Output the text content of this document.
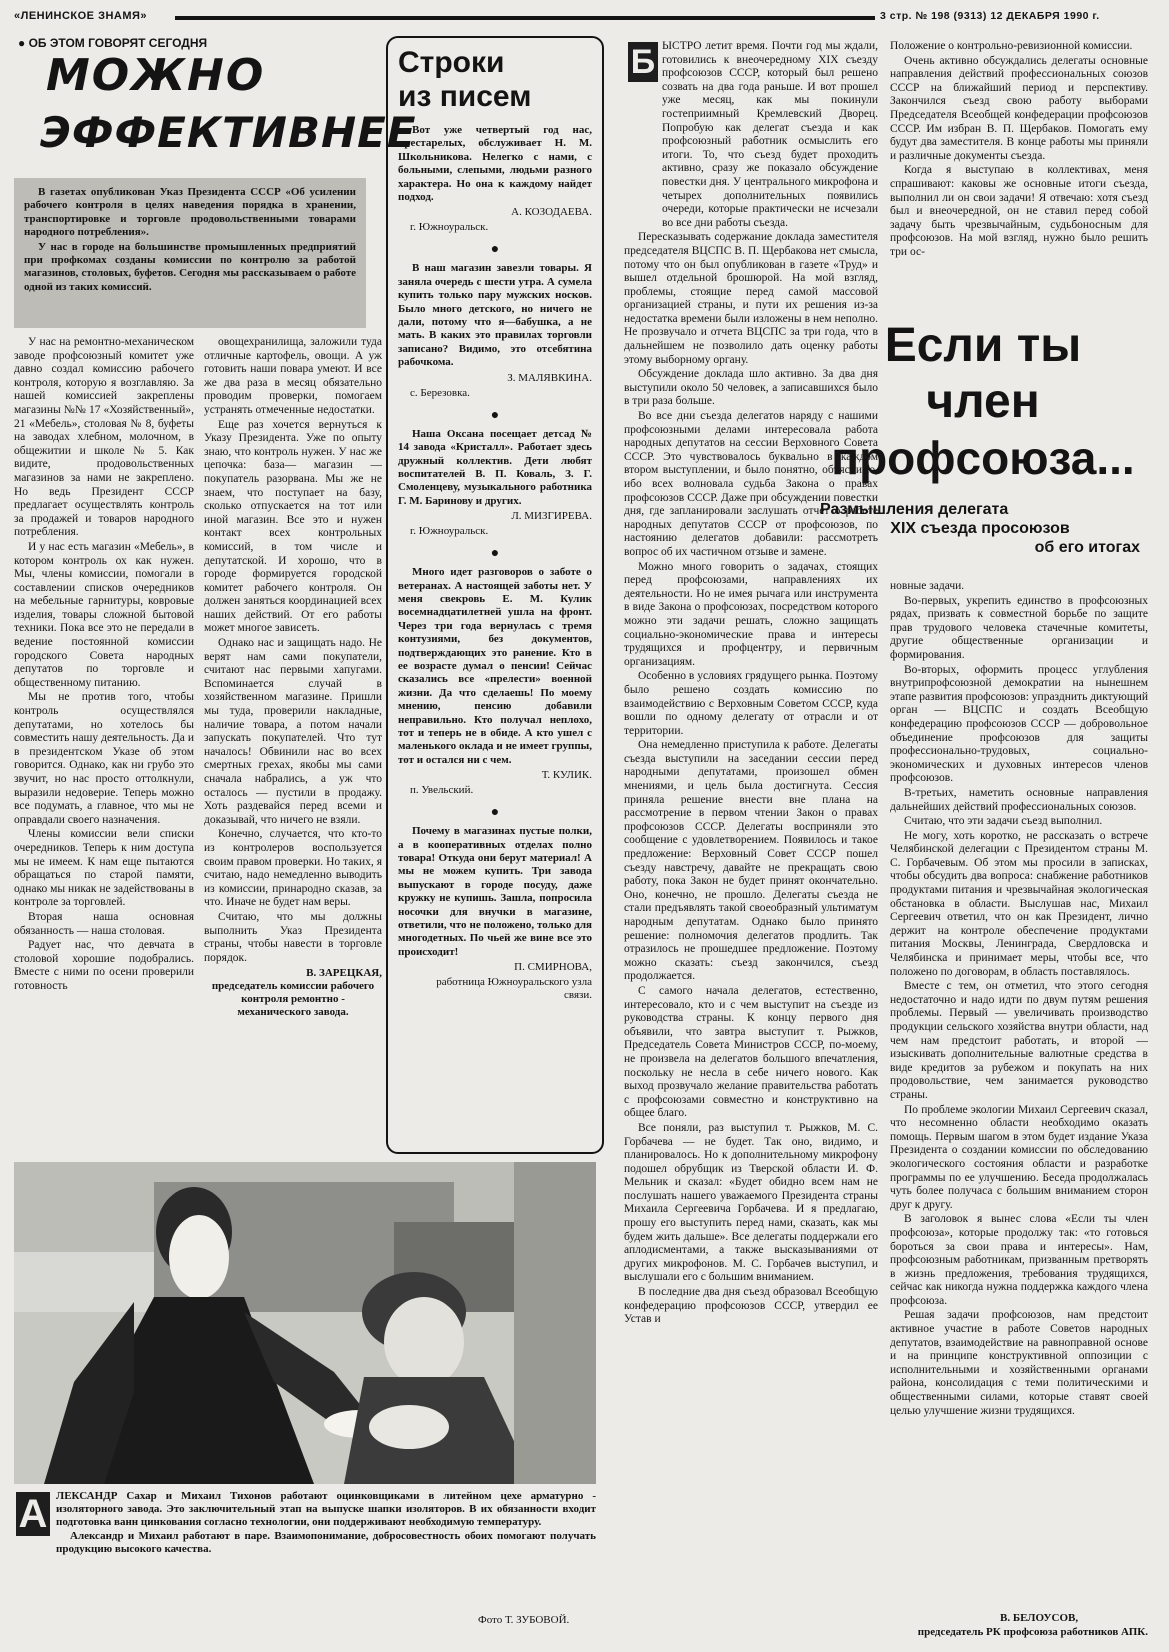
«ЛЕНИНСКОЕ ЗНАМЯ»	3 стр. № 198 (9313) 12 ДЕКАБРЯ 1990 г.
● ОБ ЭТОМ ГОВОРЯТ СЕГОДНЯ
МОЖНО
ЭФФЕКТИВНЕЕ

В газетах опубликован Указ Президента СССР «Об усилении рабочего контроля в целях наведения порядка в хранении, транспортировке и торговле продовольственными товарами народного потребления».

У нас в городе на большинстве промышленных предприятий при профкомах созданы комиссии по контролю за работой магазинов, столовых, буфетов. Сегодня мы рассказываем о работе одной из таких комиссий.

У нас на ремонтно-механическом заводе профсоюзный комитет уже давно создал комиссию рабочего контроля, которую я возглавляю. За нашей комиссией закреплены магазины №№ 17 «Хозяйственный», 21 «Мебель», столовая № 8, буфеты на заводах хлебном, молочном, в общежитии и школе № 5. Как видите, продовольственных магазинов за нами не закреплено. Но ведь Президент СССР предлагает осуществлять контроль за продажей и товаров народного потребления.

И у нас есть магазин «Мебель», в котором контроль ох как нужен. Мы, члены комиссии, помогали в составлении списков очередников на мебельные гарнитуры, ковровые изделия, товары сложной бытовой техники. Пока все это не передали в ведение постоянной комиссии городского Совета народных депутатов по торговле и общественному питанию.

Мы не против того, чтобы контроль осуществлялся депутатами, но хотелось бы совместить нашу деятельность. Да и в президентском Указе об этом говорится. Однако, как ни грубо это звучит, но нас просто оттолкнули, выразили недоверие. Теперь можно все подумать, а главное, что мы не оправдали своего назначения.

Члены комиссии вели списки очередников. Теперь к ним доступа мы не имеем. К нам еще пытаются обращаться по старой памяти, однако мы никак не задействованы в контроле за торговлей.

Вторая наша основная обязанность — наша столовая.

Радует нас, что девчата в столовой хорошие подобрались. Вместе с ними по осени проверили готовность

овощехранилища, заложили туда отличные картофель, овощи. А уж готовить наши повара умеют. И все же два раза в месяц обязательно проводим проверки, помогаем устранять отмеченные недостатки.

Еще раз хочется вернуться к Указу Президента. Уже по опыту знаю, что контроль нужен. У нас же цепочка: база— магазин — покупатель разорвана. Мы же не знаем, что поступает на базу, сколько отпускается на тот или иной магазин. Все это и нужен контакт всех контрольных комиссий, в том числе и депутатской. И хорошо, что в городе формируется городской комитет рабочего контроля. Он должен заняться координацией всех наших действий. От его работы может многое зависеть.

Однако нас и защищать надо. Не верят нам сами покупатели, считают нас первыми хапугами. Вспоминается случай в хозяйственном магазине. Пришли мы туда, проверили накладные, наличие товара, а потом начали запускать покупателей. Что тут началось! Обвинили нас во всех смертных грехах, якобы мы сами сначала набрались, а уж что осталось — пустили в продажу. Хоть раздевайся перед всеми и доказывай, что ничего не взяли.

Конечно, случается, что кто-то из контролеров воспользуется своим правом проверки. Но таких, я считаю, надо немедленно выводить из комиссии, принародно сказав, за что. Иначе не будет нам веры.

Считаю, что мы должны выполнить Указ Президента страны, чтобы навести в торговле порядок.

В. ЗАРЕЦКАЯ,
председатель комиссии рабочего контроля ремонтно - механического завода.
Строки
из писем
Вот уже четвертый год нас, престарелых, обслуживает Н. М. Школьникова. Нелегко с нами, с больными, слепыми, людьми разного характера. Но она к каждому найдет подход.
А. КОЗОДАЕВА.
г. Южноуральск.
●
В наш магазин завезли товары. Я заняла очередь с шести утра. А сумела купить только пару мужских носков. Было много детского, но ничего не дали, потому что я—бабушка, а не мать. В каких это правилах торговли записано? Видимо, это отсебятина рабочкома.
З. МАЛЯВКИНА.
с. Березовка.
●
Наша Оксана посещает детсад № 14 завода «Кристалл». Работает здесь дружный коллектив. Дети любят воспитателей В. П. Коваль, З. Г. Смоленцеву, музыкального работника Г. М. Баринову и других.
Л. МИЗГИРЕВА.
г. Южноуральск.
●
Много идет разговоров о заботе о ветеранах. А настоящей заботы нет. У меня свекровь Е. М. Кулик восемнадцатилетней ушла на фронт. Через три года вернулась с тремя контузиями, без документов, подтверждающих это ранение. Кто в ее возрасте думал о пенсии! Сейчас сказались все «прелести» военной жизни. Да что сделаешь! По моему мнению, пенсию добавили неправильно. Кто получал неплохо, тот и теперь не в обиде. А кто ушел с маленького оклада и не имеет группы, тот и остался ни с чем.
Т. КУЛИК.
п. Увельский.
●
Почему в магазинах пустые полки, а в кооперативных отделах полно товара! Откуда они берут материал! А мы не можем купить. Три завода выпускают в городе посуду, даже кружку не купишь. Зашла, попросила носочки для внучки в магазине, ответили, что не положено, только для многодетных. По чьей же вине все это происходит!
П. СМИРНОВА,
работница Южноуральского узла связи.
А ЛЕКСАНДР Сахар и Михаил Тихонов работают оцинковщиками в литейном цехе арматурно - изоляторного завода. Это заключительный этап на выпуске шапки изоляторов. В их обязанности входит подготовка ванн цинкования согласно технологии, они поддерживают необходимую температуру.
Александр и Михаил работают в паре. Взаимопонимание, добросовестность обоих помогают получать продукцию высокого качества.
Фото Т. ЗУБОВОЙ.
Б ЫСТРО летит время. Почти год мы ждали, готовились к внеочередному XIX съезду профсоюзов СССР, который был решено созвать на два года раньше. И вот прошел уже месяц, как мы покинули гостеприимный Кремлевский Дворец. Попробую как делегат съезда и как профсоюзный работник осмыслить его итоги. То, что съезд будет проходить активно, сразу же показало обсуждение повестки дня. У центрального микрофона и четырех дополнительных появились очереди, которые практически не исчезали во все дни работы съезда.

Пересказывать содержание доклада заместителя председателя ВЦСПС В. П. Щербакова нет смысла, потому что он был опубликован в газете «Труд» и вышел отдельной брошюрой. На мой взгляд, проблемы, стоящие перед самой массовой организацией страны, и пути их решения из-за недостатка времени были изложены в нем неполно. Не прозвучало и отчета ВЦСПС за три года, что в дальнейшем не позволило дать оценку работы этому выборному органу.

Обсуждение доклада шло активно. За два дня выступили около 50 человек, а записавшихся было в три раза больше.

Во все дни съезда делегатов наряду с нашими профсоюзными делами интересовала работа народных депутатов на сессии Верховного Совета СССР. Это чувствовалось буквально в каждом втором выступлении, и было понятно, объяснимо, ибо всех волновала судьба Закона о правах профсоюзов СССР. Даже при обсуждении повестки дня, где запланировали заслушать отчет о работе народных депутатов СССР от профсоюзов, по настоянию делегатов добавили: рассмотреть вопрос об их частичном отзыве и замене.

Можно много говорить о задачах, стоящих перед профсоюзами, направлениях их деятельности. Но не имея рычага или инструмента в виде Закона о профсоюзах, посредством которого можно эти задачи решать, сложно защищать социально-экономические права и интересы трудящихся и профцентру, и первичным организациям.

Особенно в условиях грядущего рынка. Поэтому было решено создать комиссию по взаимодействию с Верховным Советом СССР, куда вошли по одному делегату от отрасли и от территории.

Она немедленно приступила к работе. Делегаты съезда выступили на заседании сессии перед народными депутатами, произошел обмен мнениями, и цель была достигнута. Сессия приняла решение внести вне плана на рассмотрение в первом чтении Закон о правах профсоюзов СССР. Делегаты восприняли это сообщение с удовлетворением. Появилось и такое предложение: Верховный Совет СССР пошел съезду навстречу, давайте не прекращать свою работу, пока Закон не будет принят окончательно. Оно, конечно, не прошло. Делегаты съезда не стали предъявлять такой своеобразный ультиматум народным депутатам. Однако было принято решение: полномочия делегатов продлить. Так отразилось не прошедшее предложение. Поэтому можно сказать: съезд закончился, съезд продолжается.

С самого начала делегатов, естественно, интересовало, кто и с чем выступит на съезде из руководства страны. К концу первого дня объявили, что завтра выступит т. Рыжков, Председатель Совета Министров СССР, по-моему, не произвела на делегатов большого впечатления, поскольку не несла в себе ничего нового. Как выход прозвучало желание правительства работать с профсоюзами совместно и конструктивно на общее благо.

Все поняли, раз выступил т. Рыжков, М. С. Горбачева — не будет. Так оно, видимо, и планировалось. Но к дополнительному микрофону подошел обрубщик из Тверской области И. Ф. Мельник и сказал: «Будет обидно всем нам не послушать нашего уважаемого Президента страны Михаила Сергеевича Горбачева. И я предлагаю, прошу его выступить перед нами, сказать, как мы будем жить дальше». Все делегаты поддержали его аплодисментами, а также высказываниями от других микрофонов. М. С. Горбачев выступил, и выслушали его с большим вниманием.

В последние два дня съезд образовал Всеобщую конфедерацию профсоюзов СССР, утвердил ее Устав и

Положение о контрольно-ревизионной комиссии.

Очень активно обсуждались делегаты основные направления действий профессиональных союзов СССР на ближайший период и перспективу. Закончился съезд свою работу выборами Председателя Всеобщей конфедерации профсоюзов СССР. Им избран В. П. Щербаков. Помогать ему будут два заместителя. В конце работы мы приняли и различные документы съезда.

Когда я выступаю в коллективах, меня спрашивают: каковы же основные итоги съезда, выполнил ли он свои задачи! Я отвечаю: хотя съезд был и внеочередной, он не ставил перед собой задачу быть чрезвычайным, судьбоносным для профсоюзов. На мой взгляд, нужно было решить три ос-

Если ты
член
профсоюза...
Размышления делегата
XIX съезда просоюзов
об его итогах

новные задачи.

Во-первых, укрепить единство в профсоюзных рядах, призвать к совместной борьбе по защите прав трудового человека стачечные комитеты, другие общественные организации и формирования.

Во-вторых, оформить процесс углубления внутрипрофсоюзной демократии на нынешнем этапе развития профсоюзов: упразднить диктующий орган — ВЦСПС и создать Всеобщую конфедерацию профсоюзов СССР — добровольное объединение профсоюзов для защиты профессионально-трудовых, социально-экономических и духовных интересов членов профсоюзов.

В-третьих, наметить основные направления дальнейших действий профессиональных союзов.

Считаю, что эти задачи съезд выполнил.

Не могу, хоть коротко, не рассказать о встрече Челябинской делегации с Президентом страны М. С. Горбачевым. Об этом мы просили в записках, чтобы обсудить два вопроса: снабжение работников продуктами питания и чрезвычайная экологическая обстановка в области. Выслушав нас, Михаил Сергеевич ответил, что он как Президент, лично держит на контроле обеспечение продуктами питания Москвы, Ленинграда, Свердловска и Челябинска и принимает меры, чтобы все, что положено по договорам, в область поставлялось.

Вместе с тем, он отметил, что этого сегодня недостаточно и надо идти по двум путям решения проблемы. Первый — увеличивать производство продукции сельского хозяйства внутри области, над чем нам предстоит работать, и второй — изыскивать дополнительные валютные средства в виде кредитов за рубежом и покупать на них продовольствие, чем занимается руководство страны.

По проблеме экологии Михаил Сергеевич сказал, что несомненно области необходимо оказать помощь. Первым шагом в этом будет издание Указа Президента о создании комиссии по обследованию экологического состояния области и разработке программы по ее улучшению. Беседа продолжалась чуть более получаса с большим вниманием сторон друг к другу.

В заголовок я вынес слова «Если ты член профсоюза», которые продолжу так: «то готовься бороться за свои права и интересы». Нам, профсоюзным работникам, призванным претворять в жизнь предложения, требования трудящихся, сейчас как никогда нужна поддержка каждого члена профсоюза.

Решая задачи профсоюзов, нам предстоит активное участие в работе Советов народных депутатов, взаимодействие на равноправной основе и на принципе конструктивной оппозиции с исполнительными и хозяйственными органами района, консолидация с теми политическими и общественными силами, которые ставят своей целью улучшение жизни трудящихся.

В. БЕЛОУСОВ,
председатель РК профсоюза работников АПК.
